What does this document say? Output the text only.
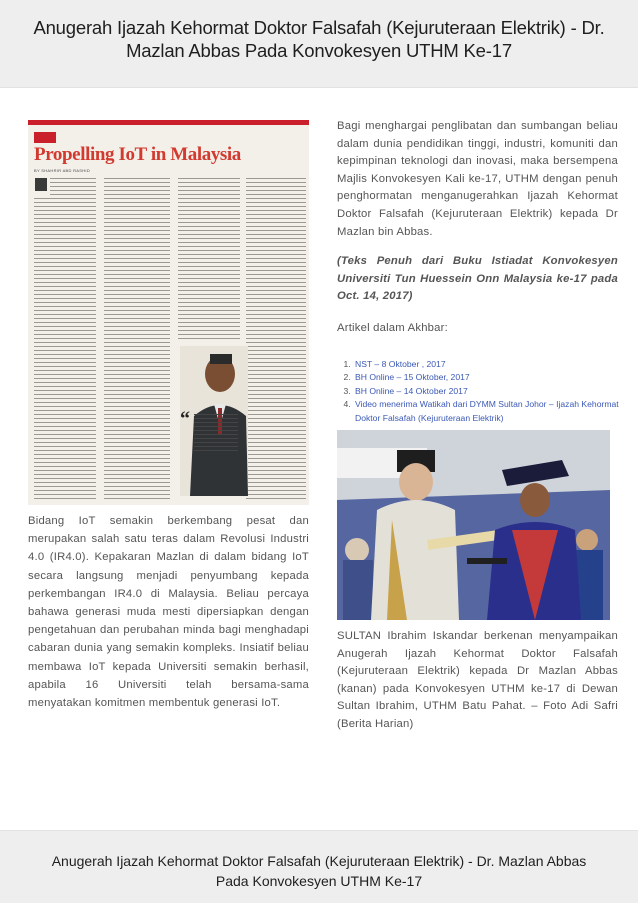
Anugerah Ijazah Kehormat Doktor Falsafah (Kejuruteraan Elektrik) - Dr. Mazlan Abbas Pada Konvokesyen UTHM Ke-17
Propelling IoT in Malaysia
BY SHAHRIR ABD RASHID
“

Bidang IoT semakin berkembang pesat dan merupakan salah satu teras dalam Revolusi Industri 4.0 (IR4.0). Kepakaran Mazlan di dalam bidang IoT secara langsung menjadi penyumbang kepada perkembangan IR4.0 di Malaysia. Beliau percaya bahawa generasi muda mesti dipersiapkan dengan pengetahuan dan perubahan minda bagi menghadapi cabaran dunia yang semakin kompleks. Insiatif beliau membawa IoT kepada Universiti semakin berhasil, apabila 16 Universiti telah bersama-sama menyatakan komitmen membentuk generasi IoT.

Bagi menghargai penglibatan dan sumbangan beliau dalam dunia pendidikan tinggi, industri, komuniti dan kepimpinan teknologi dan inovasi, maka bersempena Majlis Konvokesyen Kali ke-17, UTHM dengan penuh penghormatan menganugerahkan Ijazah Kehormat Doktor Falsafah (Kejuruteraan Elektrik) kepada Dr Mazlan bin Abbas.

(Teks Penuh dari Buku Istiadat Konvokesyen Universiti Tun Huessein Onn Malaysia ke-17 pada Oct. 14, 2017)

Artikel dalam Akhbar:

1. NST – 8 Oktober , 2017
2. BH Online – 15 Oktober, 2017
3. BH Online – 14 Oktober 2017
4. Video menerima Watikah dari DYMM Sultan Johor – Ijazah Kehormat Doktor Falsafah (Kejuruteraan Elektrik)

SULTAN Ibrahim Iskandar berkenan menyampaikan Anugerah Ijazah Kehormat Doktor Falsafah (Kejuruteraan Elektrik) kepada Dr Mazlan Abbas (kanan) pada Konvokesyen UTHM ke-17 di Dewan Sultan Ibrahim, UTHM Batu Pahat. – Foto Adi Safri (Berita Harian)

Anugerah Ijazah Kehormat Doktor Falsafah (Kejuruteraan Elektrik) - Dr. Mazlan Abbas Pada Konvokesyen UTHM Ke-17
